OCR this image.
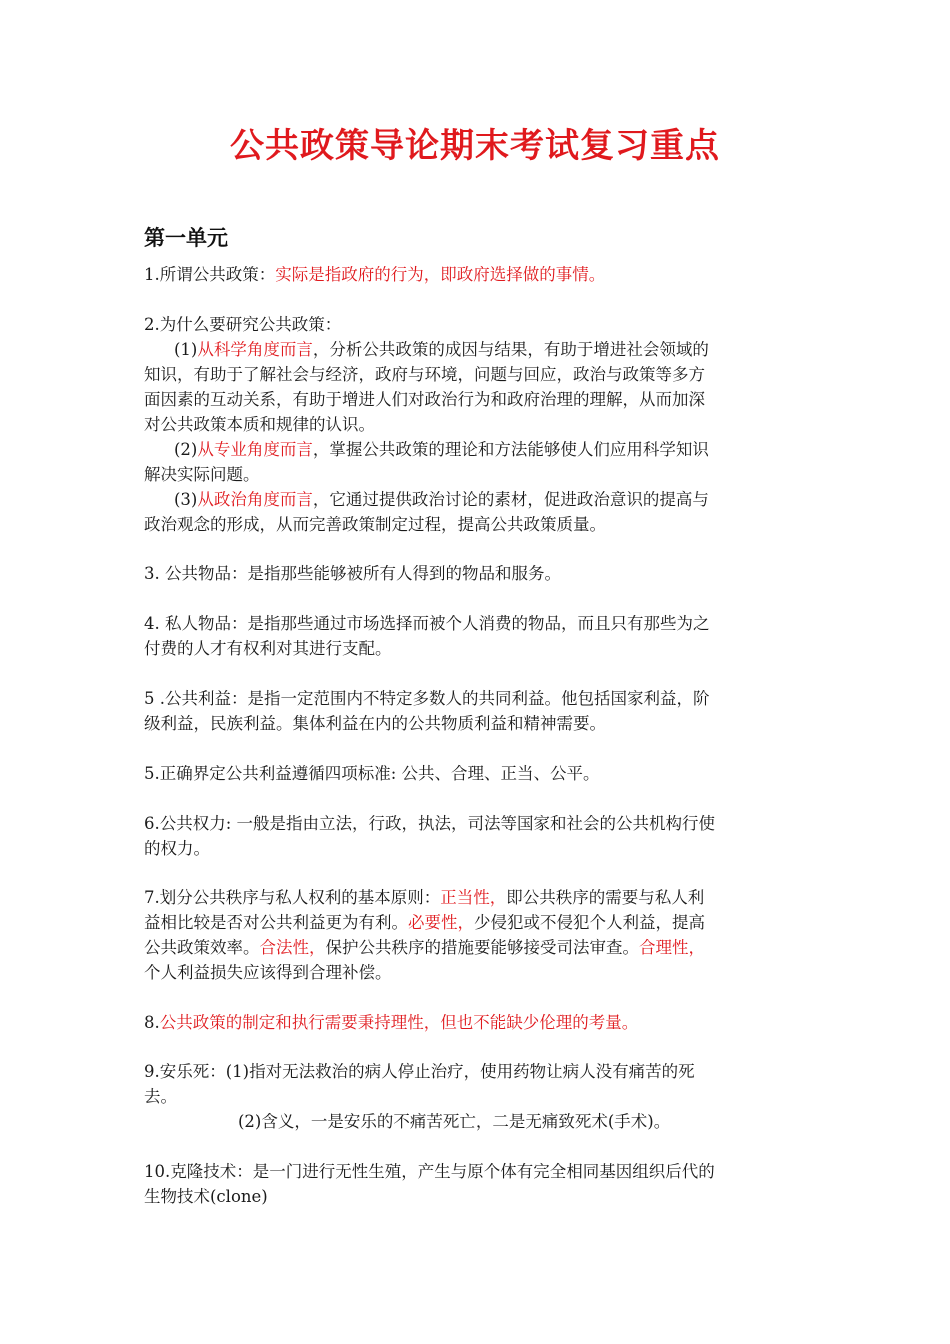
公共政策导论期末考试复习重点
第一单元
1.所谓公共政策：实际是指政府的行为，即政府选择做的事情。
2.为什么要研究公共政策：
(1)从科学角度而言，分析公共政策的成因与结果，有助于增进社会领域的
知识，有助于了解社会与经济，政府与环境，问题与回应，政治与政策等多方
面因素的互动关系，有助于增进人们对政治行为和政府治理的理解，从而加深
对公共政策本质和规律的认识。
(2)从专业角度而言，掌握公共政策的理论和方法能够使人们应用科学知识
解决实际问题。
(3)从政治角度而言，它通过提供政治讨论的素材，促进政治意识的提高与
政治观念的形成，从而完善政策制定过程，提高公共政策质量。
3. 公共物品：是指那些能够被所有人得到的物品和服务。
4. 私人物品：是指那些通过市场选择而被个人消费的物品，而且只有那些为之
付费的人才有权利对其进行支配。
5 .公共利益：是指一定范围内不特定多数人的共同利益。他包括国家利益，阶
级利益，民族利益。集体利益在内的公共物质利益和精神需要。
5.正确界定公共利益遵循四项标准: 公共、合理、正当、公平。
6.公共权力: 一般是指由立法，行政，执法，司法等国家和社会的公共机构行使
的权力。
7.划分公共秩序与私人权利的基本原则：正当性，即公共秩序的需要与私人利
益相比较是否对公共利益更为有利。必要性，少侵犯或不侵犯个人利益，提高
公共政策效率。合法性，保护公共秩序的措施要能够接受司法审查。合理性，
个人利益损失应该得到合理补偿。
8.公共政策的制定和执行需要秉持理性，但也不能缺少伦理的考量。
9.安乐死：(1)指对无法救治的病人停止治疗，使用药物让病人没有痛苦的死
去。
(2)含义，一是安乐的不痛苦死亡，二是无痛致死术(手术)。
10.克隆技术：是一门进行无性生殖，产生与原个体有完全相同基因组织后代的
生物技术(clone)
